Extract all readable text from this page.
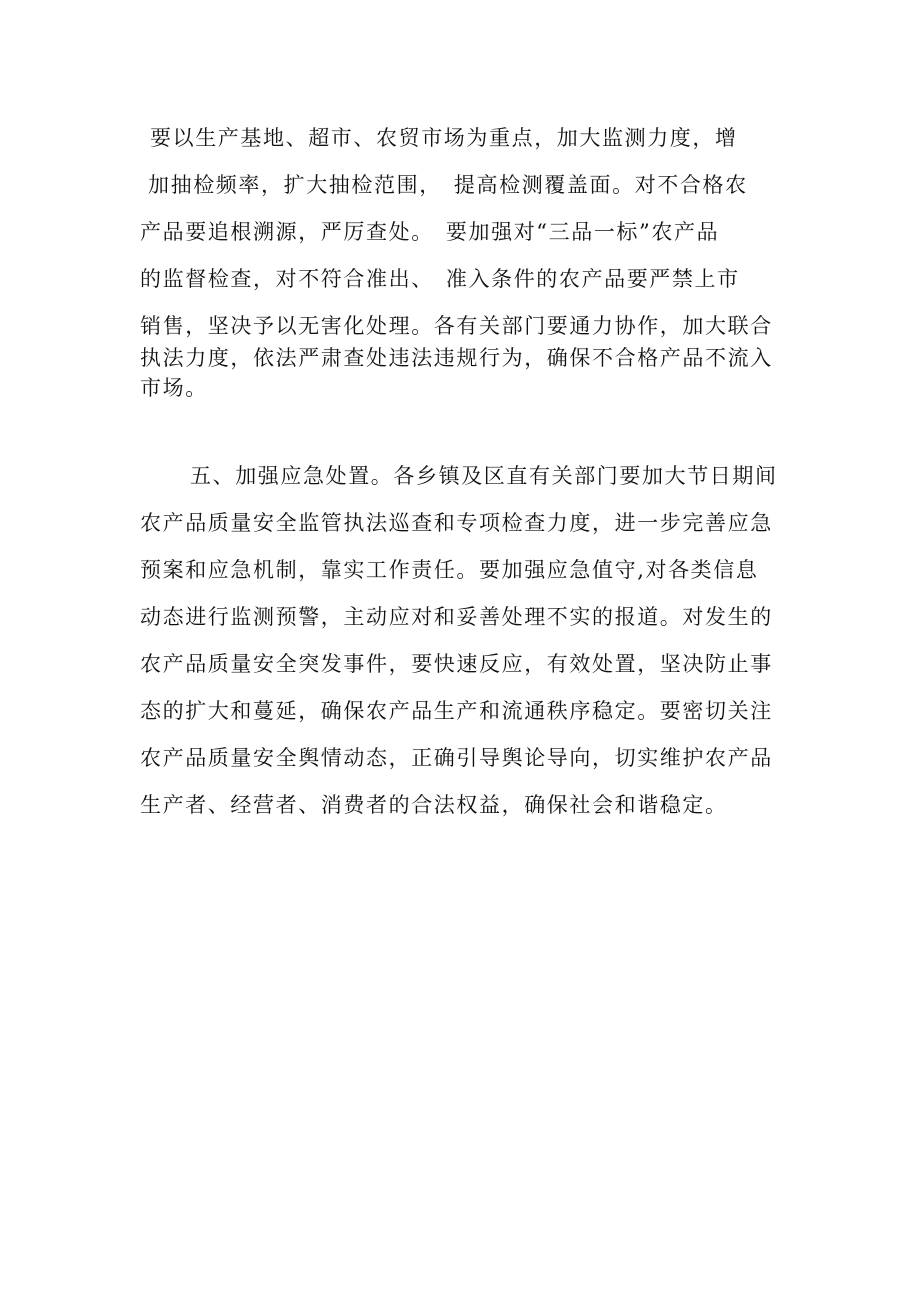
要以生产基地、超市、农贸市场为重点，加大监测力度，增
加抽检频率，扩大抽检范围，　提高检测覆盖面。对不合格农
产品要追根溯源，严厉查处。　要加强对“三品一标”农产品
的监督检查，对不符合准出、　准入条件的农产品要严禁上市
销售，坚决予以无害化处理。各有关部门要通力协作，加大联合
执法力度，依法严肃查处违法违规行为，确保不合格产品不流入
市场。
五、加强应急处置。各乡镇及区直有关部门要加大节日期间
农产品质量安全监管执法巡查和专项检查力度，进一步完善应急
预案和应急机制，靠实工作责任。要加强应急值守,对各类信息
动态进行监测预警，主动应对和妥善处理不实的报道。对发生的
农产品质量安全突发事件，要快速反应，有效处置，坚决防止事
态的扩大和蔓延，确保农产品生产和流通秩序稳定。要密切关注
农产品质量安全舆情动态，正确引导舆论导向，切实维护农产品
生产者、经营者、消费者的合法权益，确保社会和谐稳定。
